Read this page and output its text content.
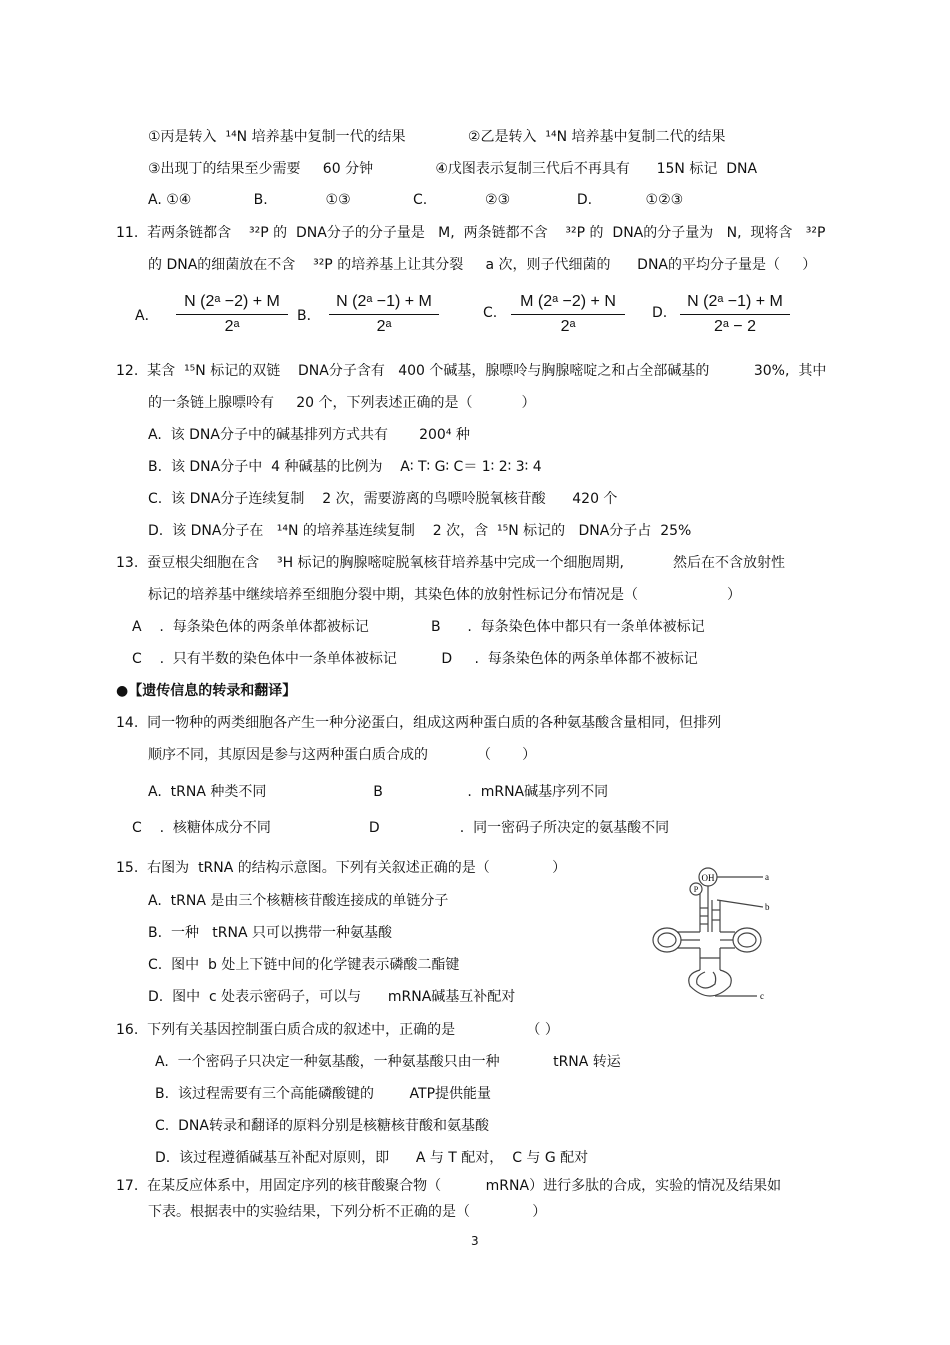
①丙是转入  ¹⁴N 培养基中复制一代的结果              ②乙是转入  ¹⁴N 培养基中复制二代的结果
③出现丁的结果至少需要     60 分钟              ④戊图表示复制三代后不再具有      15N 标记  DNA
A. ①④              B.             ①③              C.             ②③               D.            ①②③
11.  若两条链都含    ³²P 的  DNA分子的分子量是   M,  两条链都不含    ³²P 的  DNA的分子量为   N,  现将含   ³²P
的 DNA的细菌放在不含    ³²P 的培养基上让其分裂     a 次，则子代细菌的      DNA的平均分子量是（     ）
A． $\frac{\text{N (2ᵃ −2) + M}}{\text{2ᵃ}}$ B． $\frac{\text{N (2ᵃ −1) + M}}{\text{2ᵃ}}$	C. $\frac{\text{M (2ᵃ −2) + N}}{\text{2ᵃ}} D$. $\frac{\text{N (2ᵃ −1) + M}}{\text{2ᵃ − 2}}$
12.  某含  ¹⁵N 标记的双链    DNA分子含有   400 个碱基，腺嘌呤与胸腺嘧啶之和占全部碱基的          30%,  其中
的一条链上腺嘌呤有     20 个，下列表述正确的是（           ）
A.  该 DNA分子中的碱基排列方式共有       200⁴ 种
B.  该 DNA分子中  4 种碱基的比例为    A∶ T∶ G∶ C＝ 1∶ 2∶ 3∶ 4
C.  该 DNA分子连续复制    2 次，需要游离的鸟嘌呤脱氧核苷酸      420 个
D.  该 DNA分子在   ¹⁴N 的培养基连续复制    2 次，含  ¹⁵N 标记的   DNA分子占  25%
13.  蚕豆根尖细胞在含    ³H 标记的胸腺嘧啶脱氧核苷培养基中完成一个细胞周期,           然后在不含放射性
标记的培养基中继续培养至细胞分裂中期，其染色体的放射性标记分布情况是（                    ）
A    .  每条染色体的两条单体都被标记              B      .  每条染色体中都只有一条单体被标记
C    .  只有半数的染色体中一条单体被标记          D     .  每条染色体的两条单体都不被标记
●【遗传信息的转录和翻译】
14.  同一物种的两类细胞各产生一种分泌蛋白，组成这两种蛋白质的各种氨基酸含量相同，但排列
顺序不同，其原因是参与这两种蛋白质合成的           （       ）
A.  tRNA 种类不同                        B                   .  mRNA碱基序列不同
C    .  核糖体成分不同                      D                  .  同一密码子所决定的氨基酸不同
15.  右图为  tRNA 的结构示意图。下列有关叙述正确的是（              ）
A.  tRNA 是由三个核糖核苷酸连接成的单链分子
B.  一种   tRNA 只可以携带一种氨基酸
C.  图中  b 处上下链中间的化学键表示磷酸二酯键
D.  图中  c 处表示密码子，可以与      mRNA碱基互补配对
OH
P
a
b
c
16.  下列有关基因控制蛋白质合成的叙述中，正确的是                （ ）
A.  一个密码子只决定一种氨基酸，一种氨基酸只由一种            tRNA 转运
B.  该过程需要有三个高能磷酸键的        ATP提供能量
C.  DNA转录和翻译的原料分别是核糖核苷酸和氨基酸
D.  该过程遵循碱基互补配对原则，即      A 与 T 配对，  C 与 G 配对
17.  在某反应体系中，用固定序列的核苷酸聚合物（          mRNA）进行多肽的合成，实验的情况及结果如
下表。根据表中的实验结果，下列分析不正确的是（              ）
3
